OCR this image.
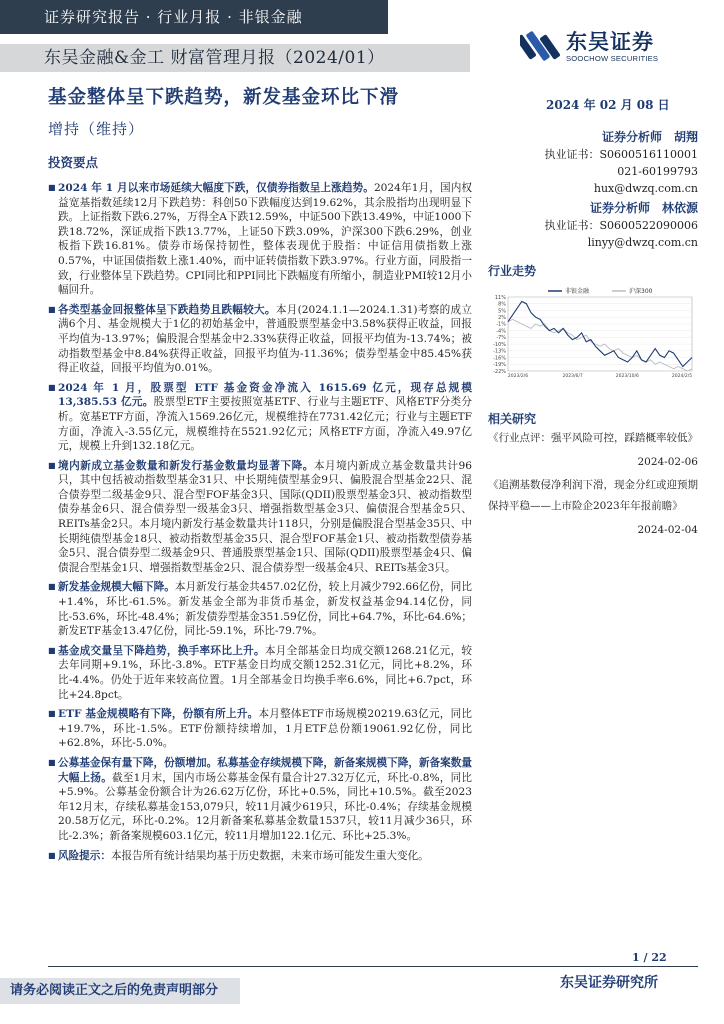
证券研究报告 · 行业月报 · 非银金融
东吴金融&金工 财富管理月报（2024/01）
东吴证券
SOOCHOW SECURITIES
基金整体呈下跌趋势，新发基金环比下滑	2024 年 02 月 08 日
增持（维持）	证券分析师　胡翔
执业证书：S0600516110001
021-60199793
hux@dwzq.com.cn
证券分析师　林依源
执业证书：S0600522090006
linyy@dwzq.com.cn
行业走势
11%
8%
5%
2%
-1%
-4%
-7%
-10%
-13%
-16%
-19%
-22%
2023/2/6	2023/6/7	2023/10/6	2024/2/5
非银金融	沪深300
相关研究
《行业点评：强平风险可控，踩踏概率较低》
2024-02-06
《追溯基数侵净利润下滑，现金分红或迎预期保持平稳——上市险企2023年年报前瞻》
2024-02-04
投资要点
■ 2024 年 1 月以来市场延续大幅度下跌，仅债券指数呈上涨趋势。2024年1月，国内权益宽基指数延续12月下跌趋势：科创50下跌幅度达到19.62%，其余股指均出现明显下跌。上证指数下跌6.27%，万得全A下跌12.59%，中证500下跌13.49%，中证1000下跌18.72%，深证成指下跌13.77%，上证50下跌3.09%，沪深300下跌6.29%，创业板指下跌16.81%。债券市场保持韧性，整体表现优于股指：中证信用债指数上涨0.57%，中证国债指数上涨1.40%，而中证转债指数下跌3.97%。行业方面，同股指一致，行业整体呈下跌趋势。CPI同比和PPI同比下跌幅度有所缩小，制造业PMI较12月小幅回升。
■ 各类型基金回报整体呈下跌趋势且跌幅较大。本月(2024.1.1—2024.1.31)考察的成立满6个月、基金规模大于1亿的初始基金中，普通股票型基金中3.58%获得正收益，回报平均值为-13.97%；偏股混合型基金中2.33%获得正收益，回报平均值为-13.74%；被动指数型基金中8.84%获得正收益，回报平均值为-11.36%；债券型基金中85.45%获得正收益，回报平均值为0.01%。
■ 2024 年 1 月，股票型 ETF 基金资金净流入 1615.69 亿元，现存总规模 13,385.53 亿元。股票型ETF主要按照宽基ETF、行业与主题ETF、风格ETF分类分析。宽基ETF方面，净流入1569.26亿元，规模维持在7731.42亿元；行业与主题ETF方面，净流入-3.55亿元，规模维持在5521.92亿元；风格ETF方面，净流入49.97亿元，规模上升到132.18亿元。
■ 境内新成立基金数量和新发行基金数量均显著下降。本月境内新成立基金数量共计96只，其中包括被动指数型基金31只、中长期纯债型基金9只、偏股混合型基金22只、混合债券型二级基金9只、混合型FOF基金3只、国际(QDII)股票型基金3只、被动指数型债券基金6只、混合债券型一级基金3只、增强指数型基金3只、偏债混合型基金5只、REITs基金2只。本月境内新发行基金数量共计118只，分别是偏股混合型基金35只、中长期纯债型基金18只、被动指数型基金35只、混合型FOF基金1只、被动指数型债券基金5只、混合债券型二级基金9只、普通股票型基金1只、国际(QDII)股票型基金4只、偏债混合型基金1只、增强指数型基金2只、混合债券型一级基金4只、REITs基金3只。
■ 新发基金规模大幅下降。本月新发行基金共457.02亿份，较上月减少792.66亿份，同比+1.4%，环比-61.5%。新发基金全部为非货币基金，新发权益基金94.14亿份，同比-53.6%，环比-48.4%；新发债券型基金351.59亿份，同比+64.7%，环比-64.6%；新发ETF基金13.47亿份，同比-59.1%，环比-79.7%。
■ 基金成交量呈下降趋势，换手率环比上升。本月全部基金日均成交额1268.21亿元，较去年同期+9.1%，环比-3.8%。ETF基金日均成交额1252.31亿元，同比+8.2%，环比-4.4%。仍处于近年来较高位置。1月全部基金日均换手率6.6%，同比+6.7pct，环比+24.8pct。
■ ETF 基金规模略有下降，份额有所上升。本月整体ETF市场规模20219.63亿元，同比+19.7%，环比-1.5%。ETF份额持续增加，1月ETF总份额19061.92亿份，同比+62.8%，环比-5.0%。
■ 公募基金保有量下降，份额增加。私募基金存续规模下降，新备案规模下降，新备案数量大幅上扬。截至1月末，国内市场公募基金保有量合计27.32万亿元，环比-0.8%，同比+5.9%。公募基金份额合计为26.62万亿份，环比+0.5%，同比+10.5%。截至2023年12月末，存续私募基金153,079只，较11月减少619只，环比-0.4%；存续基金规模20.58万亿元，环比-0.2%。12月新备案私募基金数量1537只，较11月减少36只，环比-2.3%；新备案规模603.1亿元，较11月增加122.1亿元、环比+25.3%。
■ 风险提示：本报告所有统计结果均基于历史数据，未来市场可能发生重大变化。
1 / 22
请务必阅读正文之后的免责声明部分	东吴证券研究所
